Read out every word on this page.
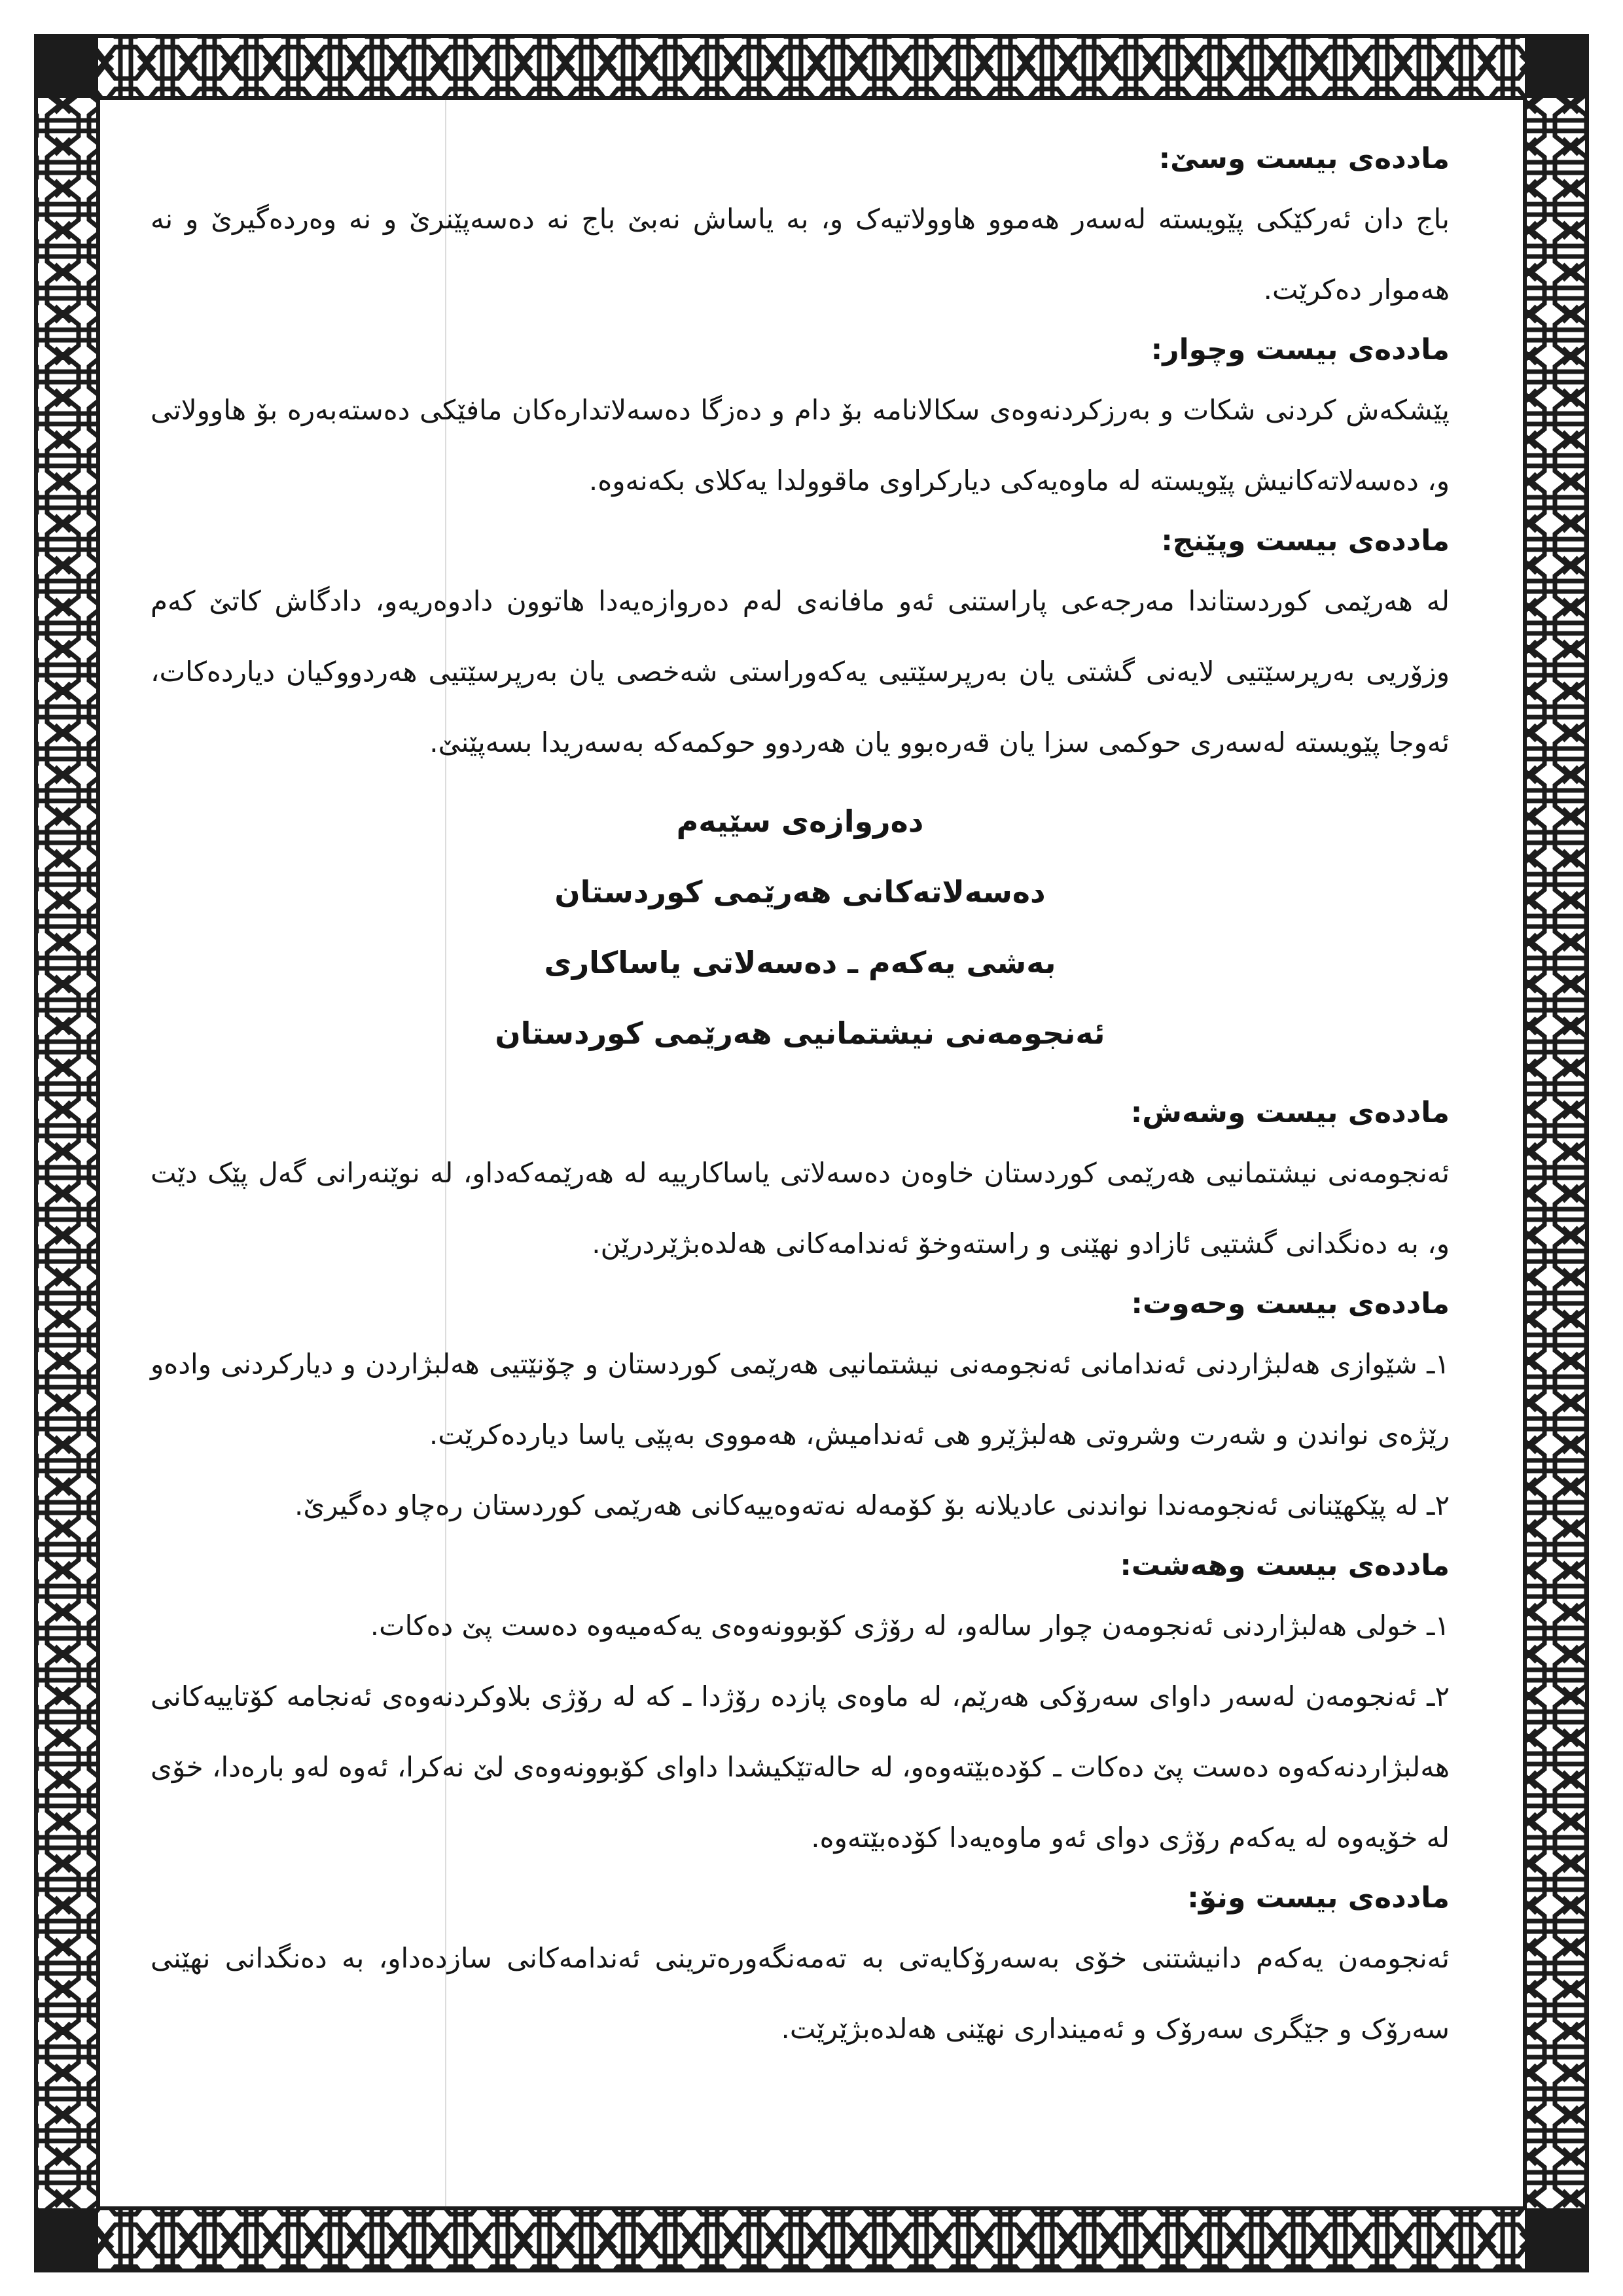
ماددەی بیست وسێ:

باج دان ئەرکێکی پێویستە لەسەر هەموو هاوولاتیەک و، بە یاساش نەبێ باج نە دەسەپێنرێ و نە وەردەگیرێ و نە هەموار دەکرێت.

ماددەی بیست وچوار:

پێشکەش کردنی شکات و بەرزکردنەوەی سکالانامە بۆ دام و دەزگا دەسەلاتدارەکان مافێکی دەستەبەرە بۆ هاوولاتی و، دەسەلاتەکانیش پێویستە لە ماوەیەکی دیارکراوی ماقوولدا یەکلای بکەنەوە.

ماددەی بیست وپێنج:

لە هەرێمی کوردستاندا مەرجەعی پاراستنی ئەو مافانەی لەم دەروازەیەدا هاتوون دادوەریەو، دادگاش کاتێ کەم وزۆریی بەرپرسێتیی لایەنی گشتی یان بەرپرسێتیی یەکەوراستی شەخصی یان بەرپرسێتیی هەردووکیان دیاردەکات، ئەوجا پێویستە لەسەری حوکمی سزا یان قەرەبوو یان هەردوو حوکمەکە بەسەریدا بسەپێنێ.

دەروازەی سێیەم
دەسەلاتەکانی هەرێمی کوردستان
بەشی یەکەم ـ دەسەلاتی یاساکاری
ئەنجومەنی نیشتمانیی هەرێمی کوردستان

ماددەی بیست وشەش:

ئەنجومەنی نیشتمانیی هەرێمی کوردستان خاوەن دەسەلاتی یاساکارییە لە هەرێمەکەداو، لە نوێنەرانی گەل پێک دێت و، بە دەنگدانی گشتیی ئازادو نهێنی و راستەوخۆ ئەندامەکانی هەلدەبژێردرێن.

ماددەی بیست وحەوت:

١ـ شێوازی هەلبژاردنی ئەندامانی ئەنجومەنی نیشتمانیی هەرێمی کوردستان و چۆنێتیی هەلبژاردن و دیارکردنی وادەو رێژەی نواندن و شەرت وشروتی هەلبژێرو هی ئەندامیش، هەمووی بەپێی یاسا دیاردەکرێت.

٢ـ لە پێکهێنانی ئەنجومەندا نواندنی عادیلانە بۆ کۆمەلە نەتەوەییەکانی هەرێمی کوردستان رەچاو دەگیرێ.

ماددەی بیست وهەشت:

١ـ خولی هەلبژاردنی ئەنجومەن چوار سالەو، لە رۆژی کۆبوونەوەی یەکەمیەوە دەست پێ دەکات.

٢ـ ئەنجومەن لەسەر داوای سەرۆکی هەرێم، لە ماوەی پازدە رۆژدا ـ کە لە رۆژی بلاوکردنەوەی ئەنجامە کۆتاییەکانی هەلبژاردنەکەوە دەست پێ دەکات ـ کۆدەبێتەوەو، لە حالەتێکیشدا داوای کۆبوونەوەی لێ نەکرا، ئەوە لەو بارەدا، خۆی لە خۆیەوە لە یەکەم رۆژی دوای ئەو ماوەیەدا کۆدەبێتەوە.

ماددەی بیست ونۆ:

ئەنجومەن یەکەم دانیشتنی خۆی بەسەرۆکایەتی بە تەمەنگەورەترینی ئەندامەکانی سازدەداو، بە دەنگدانی نهێنی سەرۆک و جێگری سەرۆک و ئەمینداری نهێنی هەلدەبژێرێت.
